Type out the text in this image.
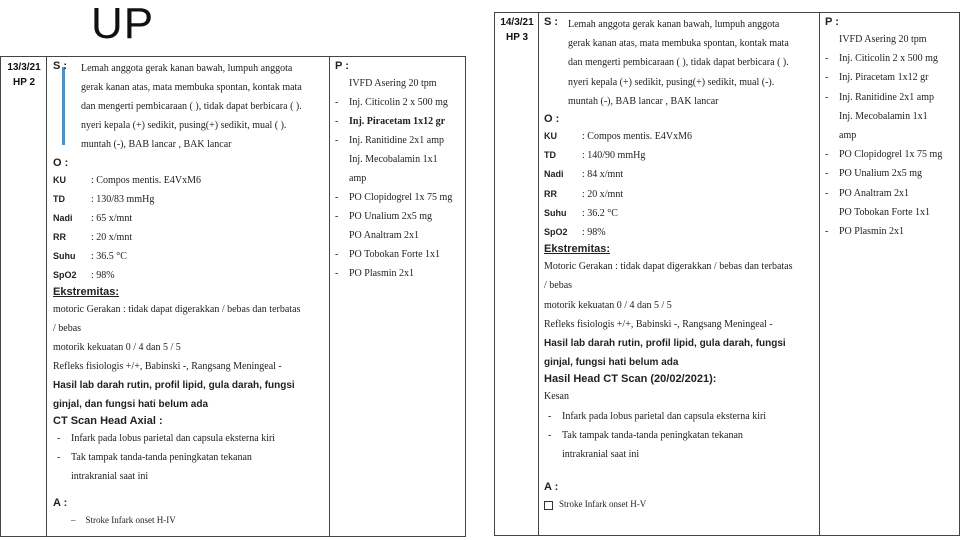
UP
13/3/21
HP 2
S : Lemah anggota gerak kanan bawah, lumpuh anggota
gerak kanan atas, mata membuka spontan, kontak mata
dan mengerti pembicaraan ( ), tidak dapat berbicara ( ).
nyeri kepala (+) sedikit, pusing(+) sedikit, mual ( ).
muntah (-), BAB lancar , BAK lancar
O :
KU	: Compos mentis. E4VxM6
TD	: 130/83 mmHg
Nadi : 65 x/mnt
RR	: 20 x/mnt
Suhu : 36.5 °C
SpO2 : 98%
Ekstremitas:
motoric Gerakan : tidak dapat digerakkan / bebas dan terbatas
/ bebas
motorik kekuatan 0 / 4 dan 5 / 5
Refleks fisiologis +/+, Babinski -, Rangsang Meningeal -
Hasil lab darah rutin, profil lipid, gula darah, fungsi
ginjal, dan fungsi hati belum ada
CT Scan Head Axial :
- Infark pada lobus parietal dan capsula eksterna kiri
- Tak tampak tanda-tanda peningkatan tekanan
intrakranial saat ini
A :
– Stroke Infark onset H-IV
P :
IVFD Asering 20 tpm
- Inj. Citicolin 2 x 500 mg
- Inj. Piracetam 1x12 gr
- Inj. Ranitidine 2x1 amp
Inj. Mecobalamin 1x1
amp
- PO Clopidogrel 1x 75 mg
- PO Unalium 2x5 mg
PO Analtram 2x1
- PO Tobokan Forte 1x1
- PO Plasmin 2x1
14/3/21
HP 3
S : Lemah anggota gerak kanan bawah, lumpuh anggota
gerak kanan atas, mata membuka spontan, kontak mata
dan mengerti pembicaraan ( ), tidak dapat berbicara ( ).
nyeri kepala (+) sedikit, pusing(+) sedikit, mual (-).
muntah (-), BAB lancar , BAK lancar
O :
KU	: Compos mentis. E4VxM6
TD	: 140/90 mmHg
Nadi : 84 x/mnt
RR	: 20 x/mnt
Suhu : 36.2 °C
SpO2 : 98%
Ekstremitas:
Motoric Gerakan : tidak dapat digerakkan / bebas dan terbatas
/ bebas
motorik kekuatan 0 / 4 dan 5 / 5
Refleks fisiologis +/+, Babinski -, Rangsang Meningeal -
Hasil lab darah rutin, profil lipid, gula darah, fungsi
ginjal, fungsi hati belum ada
Hasil Head CT Scan (20/02/2021):
Kesan
- Infark pada lobus parietal dan capsula eksterna kiri
- Tak tampak tanda-tanda peningkatan tekanan
intrakranial saat ini
A :
Stroke Infark onset H-V
P :
IVFD Asering 20 tpm
- Inj. Citicolin 2 x 500 mg
- Inj. Piracetam 1x12 gr
- Inj. Ranitidine 2x1 amp
Inj. Mecobalamin 1x1
amp
- PO Clopidogrel 1x 75 mg
- PO Unalium 2x5 mg
- PO Analtram 2x1
PO Tobokan Forte 1x1
- PO Plasmin 2x1
